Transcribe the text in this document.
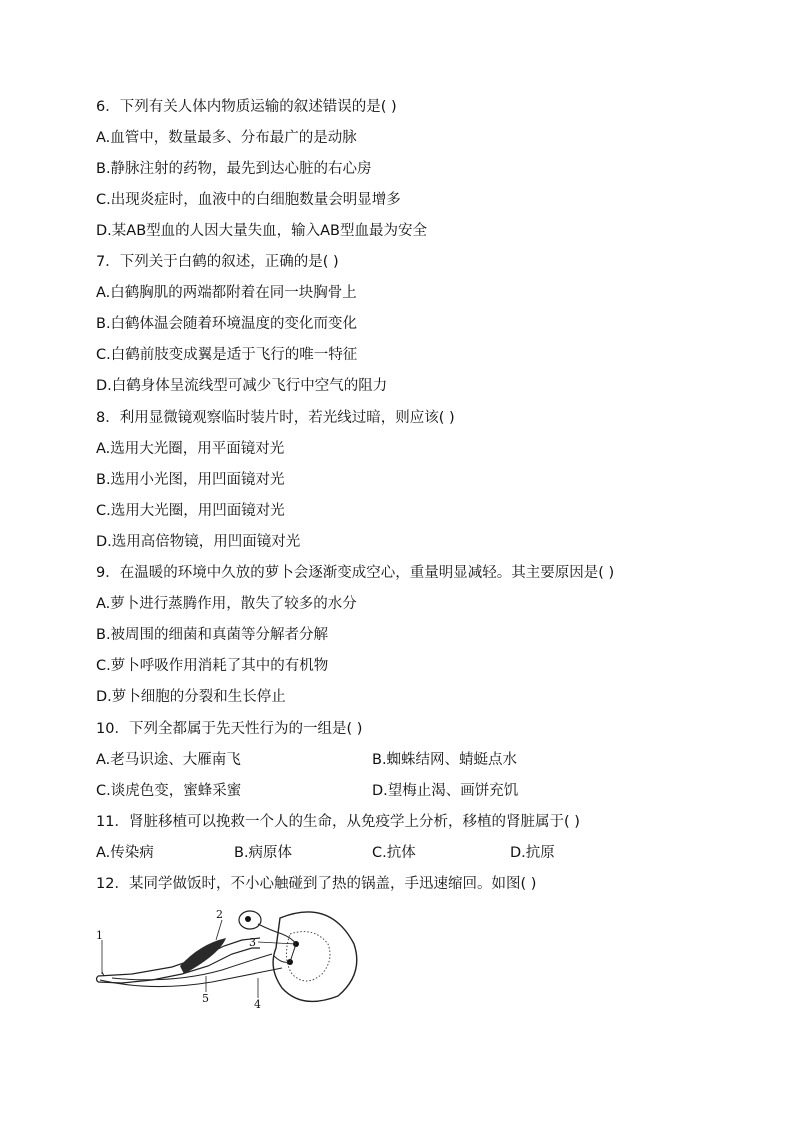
6．下列有关人体内物质运输的叙述错误的是( )
A.血管中，数量最多、分布最广的是动脉
B.静脉注射的药物，最先到达心脏的右心房
C.出现炎症时，血液中的白细胞数量会明显增多
D.某AB型血的人因大量失血，输入AB型血最为安全
7．下列关于白鹤的叙述，正确的是( )
A.白鹤胸肌的两端都附着在同一块胸骨上
B.白鹤体温会随着环境温度的变化而变化
C.白鹤前肢变成翼是适于飞行的唯一特征
D.白鹤身体呈流线型可减少飞行中空气的阻力
8．利用显微镜观察临时装片时，若光线过暗，则应该( )
A.选用大光圈，用平面镜对光
B.选用小光图，用凹面镜对光
C.选用大光圈，用凹面镜对光
D.选用高倍物镜，用凹面镜对光
9．在温暖的环境中久放的萝卜会逐渐变成空心，重量明显减轻。其主要原因是( )
A.萝卜进行蒸腾作用，散失了较多的水分
B.被周围的细菌和真菌等分解者分解
C.萝卜呼吸作用消耗了其中的有机物
D.萝卜细胞的分裂和生长停止
10．下列全都属于先天性行为的一组是( )
A.老马识途、大雁南飞	B.蜘蛛结网、蜻蜓点水
C.谈虎色变，蜜蜂采蜜	D.望梅止渴、画饼充饥
11．肾脏移植可以挽救一个人的生命，从免疫学上分析，移植的肾脏属于( )
A.传染病	B.病原体	C.抗体	D.抗原
12．某同学做饭时，不小心触碰到了热的锅盖，手迅速缩回。如图( )
1
2
3
4
5
